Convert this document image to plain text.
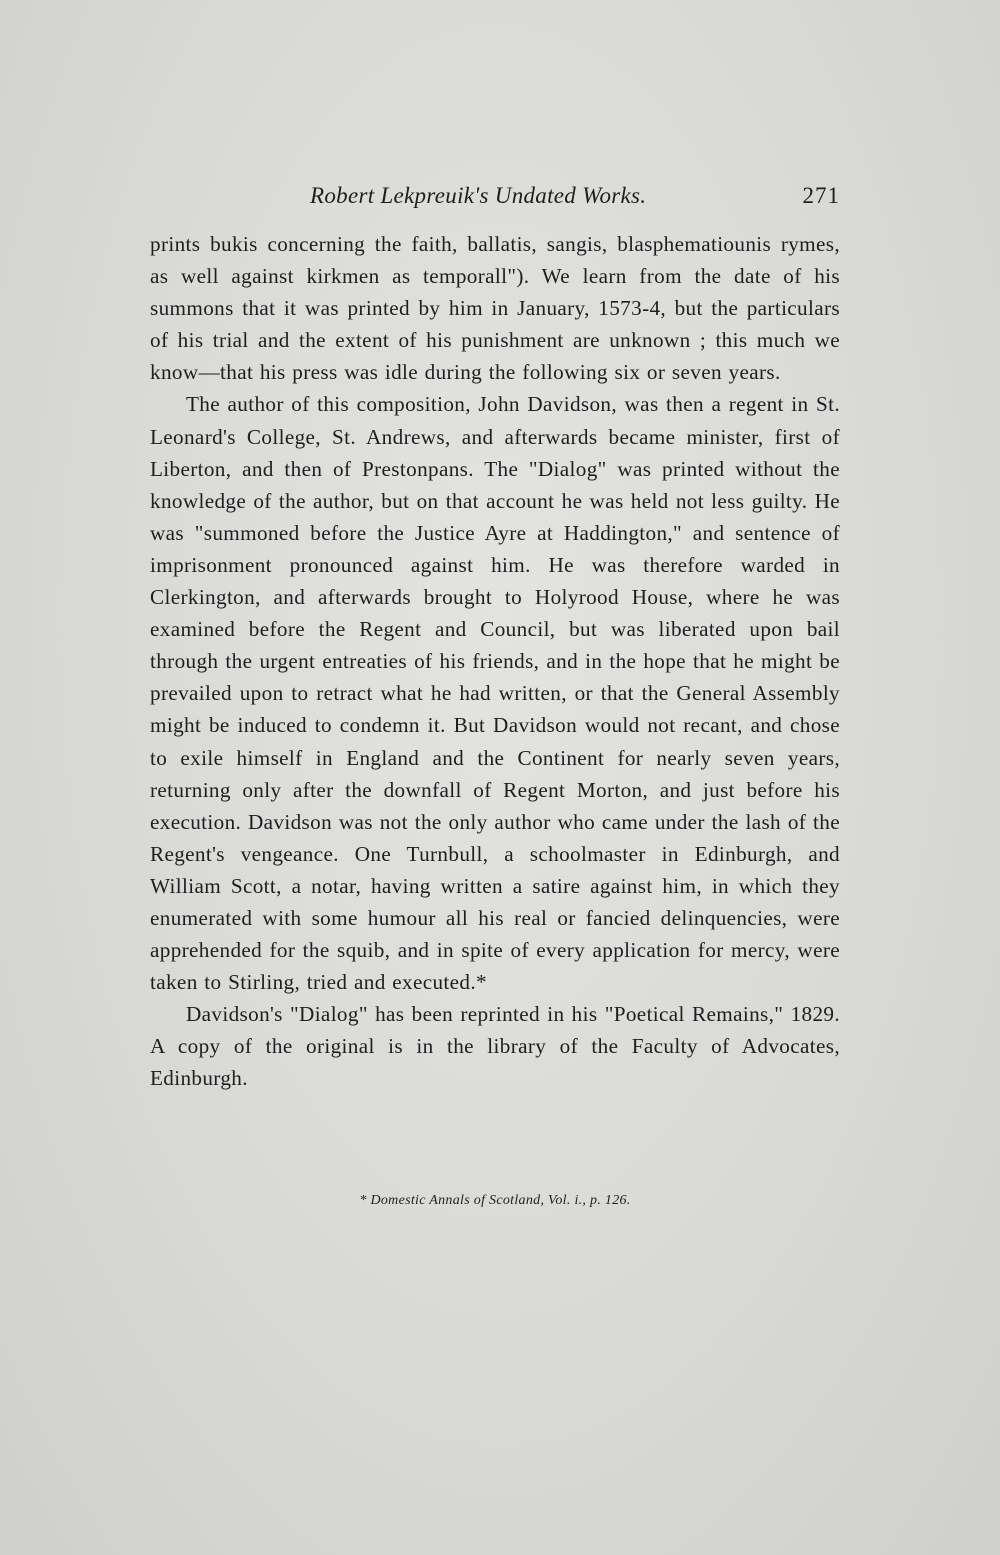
Robert Lekpreuik's Undated Works.	271

prints bukis concerning the faith, ballatis, sangis, blasphematiounis rymes, as well against kirkmen as temporall"). We learn from the date of his summons that it was printed by him in January, 1573-4, but the particulars of his trial and the extent of his punishment are unknown ; this much we know—that his press was idle during the following six or seven years.

The author of this composition, John Davidson, was then a regent in St. Leonard's College, St. Andrews, and afterwards became minister, first of Liberton, and then of Prestonpans. The "Dialog" was printed without the knowledge of the author, but on that account he was held not less guilty. He was "summoned before the Justice Ayre at Haddington," and sentence of imprisonment pronounced against him. He was therefore warded in Clerkington, and afterwards brought to Holyrood House, where he was examined before the Regent and Council, but was liberated upon bail through the urgent entreaties of his friends, and in the hope that he might be prevailed upon to retract what he had written, or that the General Assembly might be induced to condemn it. But Davidson would not recant, and chose to exile himself in England and the Continent for nearly seven years, returning only after the downfall of Regent Morton, and just before his execution. Davidson was not the only author who came under the lash of the Regent's vengeance. One Turnbull, a schoolmaster in Edinburgh, and William Scott, a notar, having written a satire against him, in which they enumerated with some humour all his real or fancied delinquencies, were apprehended for the squib, and in spite of every application for mercy, were taken to Stirling, tried and executed.*

Davidson's "Dialog" has been reprinted in his "Poetical Remains," 1829. A copy of the original is in the library of the Faculty of Advocates, Edinburgh.

* Domestic Annals of Scotland, Vol. i., p. 126.
